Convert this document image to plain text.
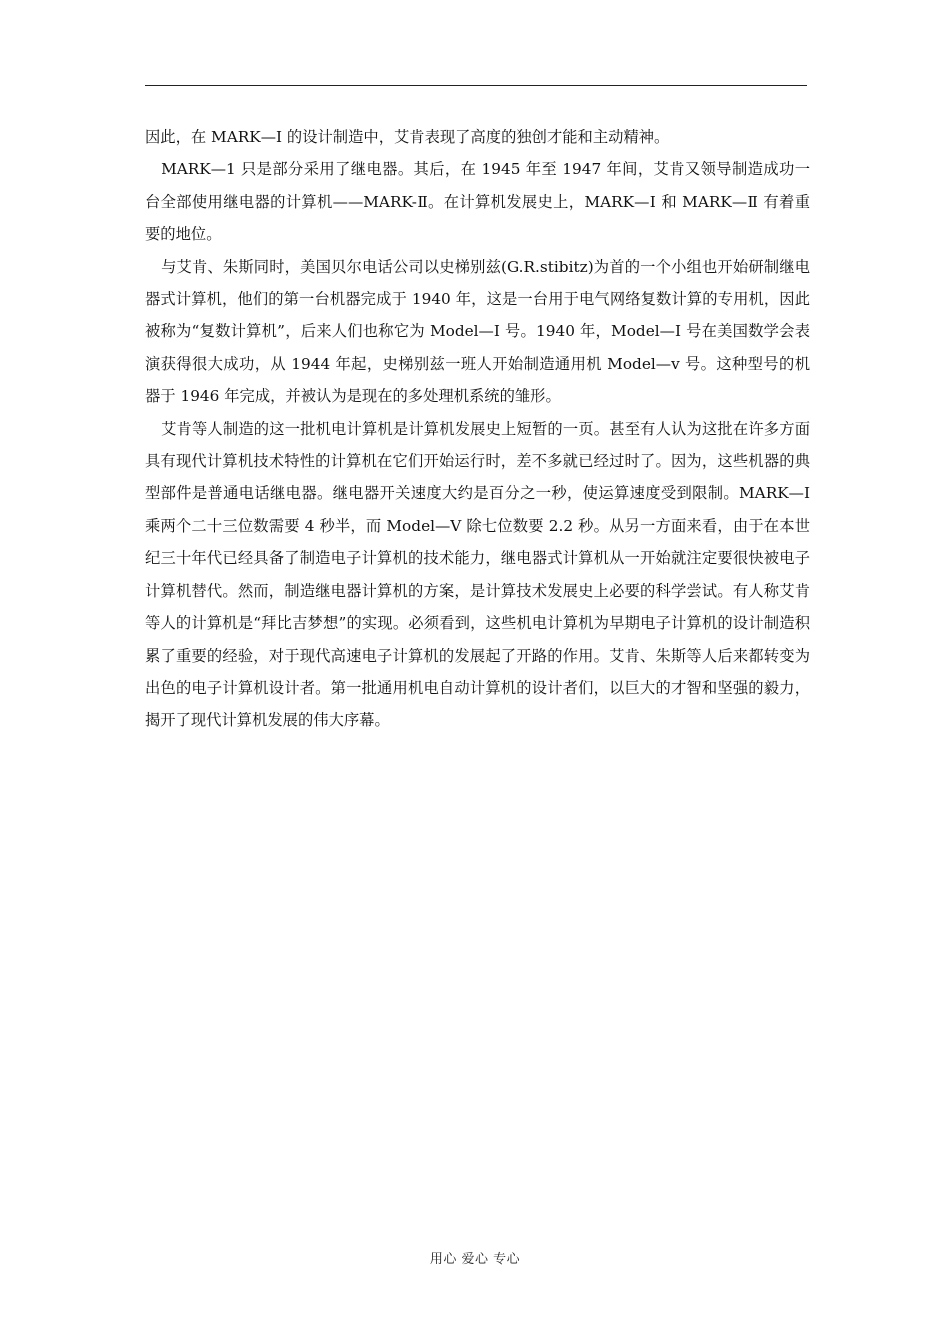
因此，在 MARK—I 的设计制造中，艾肯表现了高度的独创才能和主动精神。

MARK—1 只是部分采用了继电器。其后，在 1945 年至 1947 年间，艾肯又领导制造成功一台全部使用继电器的计算机——MARK-Ⅱ。在计算机发展史上，MARK—Ⅰ 和 MARK—Ⅱ 有着重要的地位。

与艾肯、朱斯同时，美国贝尔电话公司以史梯别兹(G.R.stibitz)为首的一个小组也开始研制继电器式计算机，他们的第一台机器完成于 1940 年，这是一台用于电气网络复数计算的专用机，因此被称为“复数计算机”，后来人们也称它为 Model—I 号。1940 年，Model—I 号在美国数学会表演获得很大成功，从 1944 年起，史梯别兹一班人开始制造通用机 Model—v 号。这种型号的机器于 1946 年完成，并被认为是现在的多处理机系统的雏形。

艾肯等人制造的这一批机电计算机是计算机发展史上短暂的一页。甚至有人认为这批在许多方面具有现代计算机技术特性的计算机在它们开始运行时，差不多就已经过时了。因为，这些机器的典型部件是普通电话继电器。继电器开关速度大约是百分之一秒，使运算速度受到限制。MARK—I 乘两个二十三位数需要 4 秒半，而 Model—V 除七位数要 2.2 秒。从另一方面来看，由于在本世纪三十年代已经具备了制造电子计算机的技术能力，继电器式计算机从一开始就注定要很快被电子计算机替代。然而，制造继电器计算机的方案，是计算技术发展史上必要的科学尝试。有人称艾肯等人的计算机是“拜比吉梦想”的实现。必须看到，这些机电计算机为早期电子计算机的设计制造积累了重要的经验，对于现代高速电子计算机的发展起了开路的作用。艾肯、朱斯等人后来都转变为出色的电子计算机设计者。第一批通用机电自动计算机的设计者们，以巨大的才智和坚强的毅力，揭开了现代计算机发展的伟大序幕。

用心 爱心 专心
